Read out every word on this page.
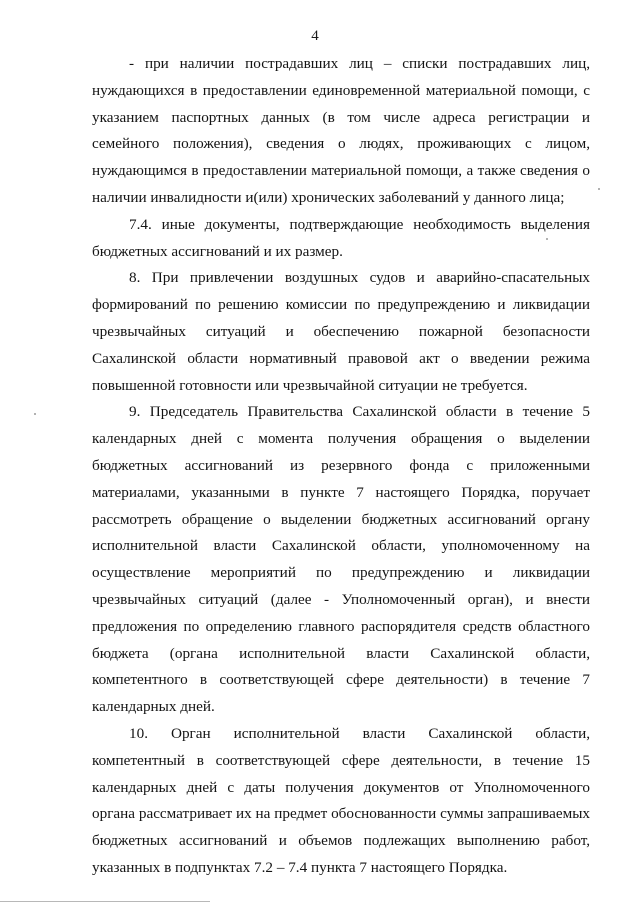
4

- при наличии пострадавших лиц – списки пострадавших лиц, нуждающихся в предоставлении единовременной материальной помощи, с указанием паспортных данных (в том числе адреса регистрации и семейного положения), сведения о людях, проживающих с лицом, нуждающимся в предоставлении материальной помощи, а также сведения о наличии инвалидности и(или) хронических заболеваний у данного лица;

7.4. иные документы, подтверждающие необходимость выделения бюджетных ассигнований и их размер.

8. При привлечении воздушных судов и аварийно-спасательных формирований по решению комиссии по предупреждению и ликвидации чрезвычайных ситуаций и обеспечению пожарной безопасности Сахалинской области нормативный правовой акт о введении режима повышенной готовности или чрезвычайной ситуации не требуется.

9. Председатель Правительства Сахалинской области в течение 5 календарных дней с момента получения обращения о выделении бюджетных ассигнований из резервного фонда с приложенными материалами, указанными в пункте 7 настоящего Порядка, поручает рассмотреть обращение о выделении бюджетных ассигнований органу исполнительной власти Сахалинской области, уполномоченному на осуществление мероприятий по предупреждению и ликвидации чрезвычайных ситуаций (далее - Уполномоченный орган), и внести предложения по определению главного распорядителя средств областного бюджета (органа исполнительной власти Сахалинской области, компетентного в соответствующей сфере деятельности) в течение 7 календарных дней.

10. Орган исполнительной власти Сахалинской области, компетентный в соответствующей сфере деятельности, в течение 15 календарных дней с даты получения документов от Уполномоченного органа рассматривает их на предмет обоснованности суммы запрашиваемых бюджетных ассигнований и объемов подлежащих выполнению работ, указанных в подпунктах 7.2 – 7.4 пункта 7 настоящего Порядка.
